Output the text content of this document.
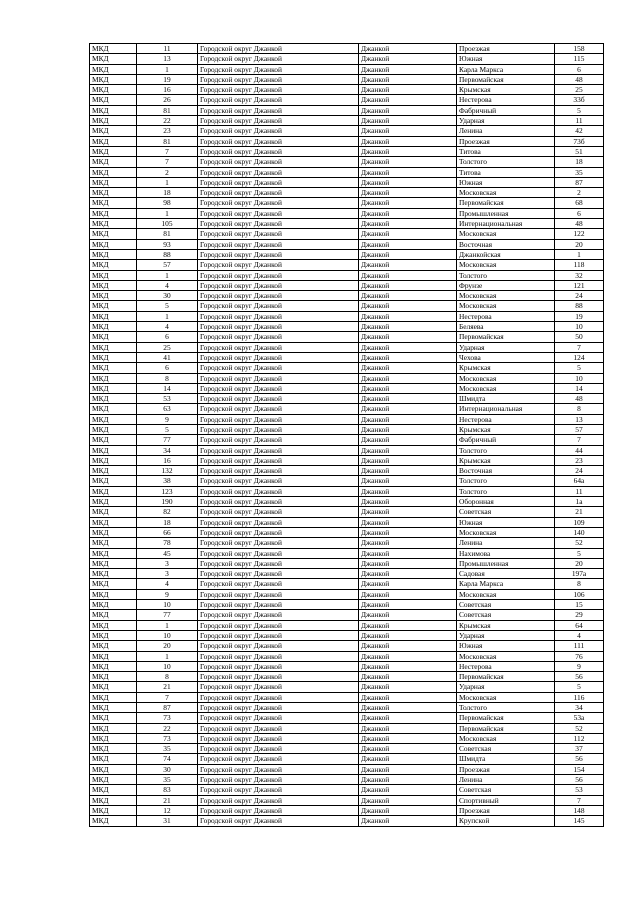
МКД	11	Городской округ Джанкой	Джанкой	Проезжая	158
МКД	13	Городской округ Джанкой	Джанкой	Южная	115
МКД	1	Городской округ Джанкой	Джанкой	Карла Маркса	6
МКД	19	Городской округ Джанкой	Джанкой	Первомайская	48
МКД	16	Городской округ Джанкой	Джанкой	Крымская	25
МКД	26	Городской округ Джанкой	Джанкой	Нестерова	33б
МКД	81	Городской округ Джанкой	Джанкой	Фабричный	5
МКД	22	Городской округ Джанкой	Джанкой	Ударная	11
МКД	23	Городской округ Джанкой	Джанкой	Ленина	42
МКД	81	Городской округ Джанкой	Джанкой	Проезжая	73б
МКД	7	Городской округ Джанкой	Джанкой	Титова	51
МКД	7	Городской округ Джанкой	Джанкой	Толстого	18
МКД	2	Городской округ Джанкой	Джанкой	Титова	35
МКД	1	Городской округ Джанкой	Джанкой	Южная	87
МКД	18	Городской округ Джанкой	Джанкой	Московская	2
МКД	98	Городской округ Джанкой	Джанкой	Первомайская	68
МКД	1	Городской округ Джанкой	Джанкой	Промышленная	6
МКД	105	Городской округ Джанкой	Джанкой	Интернациональная	48
МКД	81	Городской округ Джанкой	Джанкой	Московская	122
МКД	93	Городской округ Джанкой	Джанкой	Восточная	20
МКД	88	Городской округ Джанкой	Джанкой	Джанкойская	1
МКД	57	Городской округ Джанкой	Джанкой	Московская	118
МКД	1	Городской округ Джанкой	Джанкой	Толстого	32
МКД	4	Городской округ Джанкой	Джанкой	Фрунзе	121
МКД	30	Городской округ Джанкой	Джанкой	Московская	24
МКД	5	Городской округ Джанкой	Джанкой	Московская	88
МКД	1	Городской округ Джанкой	Джанкой	Нестерова	19
МКД	4	Городской округ Джанкой	Джанкой	Беляева	10
МКД	6	Городской округ Джанкой	Джанкой	Первомайская	50
МКД	25	Городской округ Джанкой	Джанкой	Ударная	7
МКД	41	Городской округ Джанкой	Джанкой	Чехова	124
МКД	6	Городской округ Джанкой	Джанкой	Крымская	5
МКД	8	Городской округ Джанкой	Джанкой	Московская	10
МКД	14	Городской округ Джанкой	Джанкой	Московская	14
МКД	53	Городской округ Джанкой	Джанкой	Шмидта	48
МКД	63	Городской округ Джанкой	Джанкой	Интернациональная	8
МКД	9	Городской округ Джанкой	Джанкой	Нестерова	13
МКД	5	Городской округ Джанкой	Джанкой	Крымская	57
МКД	77	Городской округ Джанкой	Джанкой	Фабричный	7
МКД	34	Городской округ Джанкой	Джанкой	Толстого	44
МКД	16	Городской округ Джанкой	Джанкой	Крымская	23
МКД	132	Городской округ Джанкой	Джанкой	Восточная	24
МКД	38	Городской округ Джанкой	Джанкой	Толстого	64а
МКД	123	Городской округ Джанкой	Джанкой	Толстого	11
МКД	190	Городской округ Джанкой	Джанкой	Оборонная	1а
МКД	82	Городской округ Джанкой	Джанкой	Советская	21
МКД	18	Городской округ Джанкой	Джанкой	Южная	109
МКД	66	Городской округ Джанкой	Джанкой	Московская	140
МКД	78	Городской округ Джанкой	Джанкой	Ленина	52
МКД	45	Городской округ Джанкой	Джанкой	Нахимова	5
МКД	3	Городской округ Джанкой	Джанкой	Промышленная	20
МКД	3	Городской округ Джанкой	Джанкой	Садовая	197а
МКД	4	Городской округ Джанкой	Джанкой	Карла Маркса	8
МКД	9	Городской округ Джанкой	Джанкой	Московская	106
МКД	10	Городской округ Джанкой	Джанкой	Советская	15
МКД	77	Городской округ Джанкой	Джанкой	Советская	29
МКД	1	Городской округ Джанкой	Джанкой	Крымская	64
МКД	10	Городской округ Джанкой	Джанкой	Ударная	4
МКД	20	Городской округ Джанкой	Джанкой	Южная	111
МКД	1	Городской округ Джанкой	Джанкой	Московская	76
МКД	10	Городской округ Джанкой	Джанкой	Нестерова	9
МКД	8	Городской округ Джанкой	Джанкой	Первомайская	56
МКД	21	Городской округ Джанкой	Джанкой	Ударная	5
МКД	7	Городской округ Джанкой	Джанкой	Московская	116
МКД	87	Городской округ Джанкой	Джанкой	Толстого	34
МКД	73	Городской округ Джанкой	Джанкой	Первомайская	53а
МКД	22	Городской округ Джанкой	Джанкой	Первомайская	52
МКД	73	Городской округ Джанкой	Джанкой	Московская	112
МКД	35	Городской округ Джанкой	Джанкой	Советская	37
МКД	74	Городской округ Джанкой	Джанкой	Шмидта	56
МКД	30	Городской округ Джанкой	Джанкой	Проезжая	154
МКД	35	Городской округ Джанкой	Джанкой	Ленина	56
МКД	83	Городской округ Джанкой	Джанкой	Советская	53
МКД	21	Городской округ Джанкой	Джанкой	Спортивный	7
МКД	12	Городской округ Джанкой	Джанкой	Проезжая	148
МКД	31	Городской округ Джанкой	Джанкой	Крупской	145
